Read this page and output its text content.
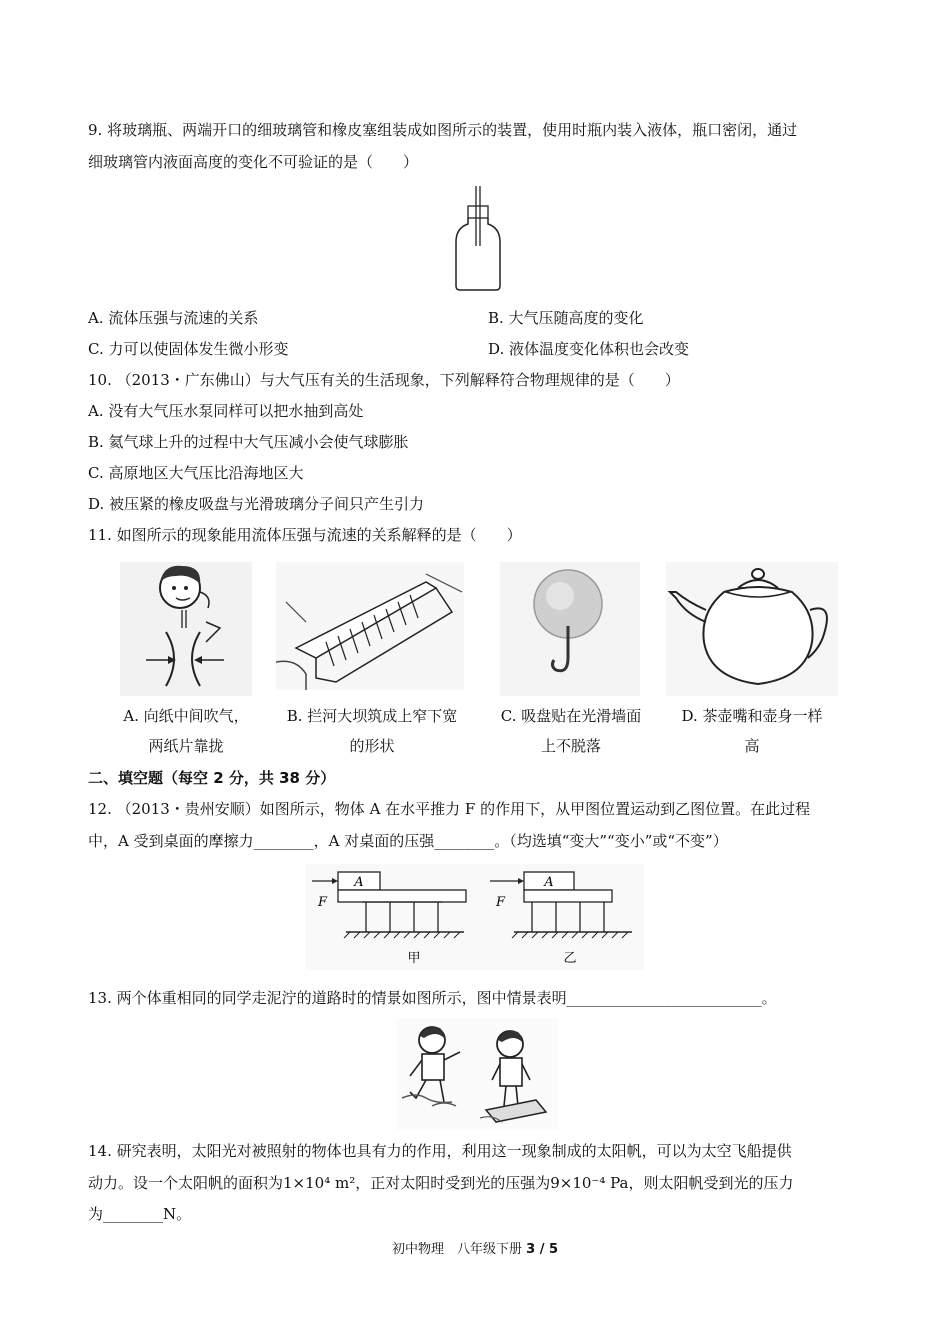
9. 将玻璃瓶、两端开口的细玻璃管和橡皮塞组装成如图所示的装置，使用时瓶内装入液体，瓶口密闭，通过
细玻璃管内液面高度的变化不可验证的是（　　）
A. 流体压强与流速的关系	B. 大气压随高度的变化
C. 力可以使固体发生微小形变	D. 液体温度变化体积也会改变
10. （2013・广东佛山）与大气压有关的生活现象，下列解释符合物理规律的是（　　）
A. 没有大气压水泵同样可以把水抽到高处
B. 氦气球上升的过程中大气压减小会使气球膨胀
C. 高原地区大气压比沿海地区大
D. 被压紧的橡皮吸盘与光滑玻璃分子间只产生引力
11. 如图所示的现象能用流体压强与流速的关系解释的是（　　）
A. 向纸中间吹气，
两纸片靠拢
B. 拦河大坝筑成上窄下宽
的形状
C. 吸盘贴在光滑墙面
上不脱落
D. 茶壶嘴和壶身一样
高
二、填空题（每空 2 分，共 38 分）
12. （2013・贵州安顺）如图所示，物体 A 在水平推力 F 的作用下，从甲图位置运动到乙图位置。在此过程
中，A 受到桌面的摩擦力________，A 对桌面的压强________。（均选填“变大”“变小”或“不变”）
A
F
甲
A
F
乙
13. 两个体重相同的同学走泥泞的道路时的情景如图所示，图中情景表明__________________________。
14. 研究表明，太阳光对被照射的物体也具有力的作用，利用这一现象制成的太阳帆，可以为太空飞船提供
动力。设一个太阳帆的面积为1×10⁴ m²，正对太阳时受到光的压强为9×10⁻⁴ Pa，则太阳帆受到光的压力
为________N。
初中物理　八年级下册 3 / 5
